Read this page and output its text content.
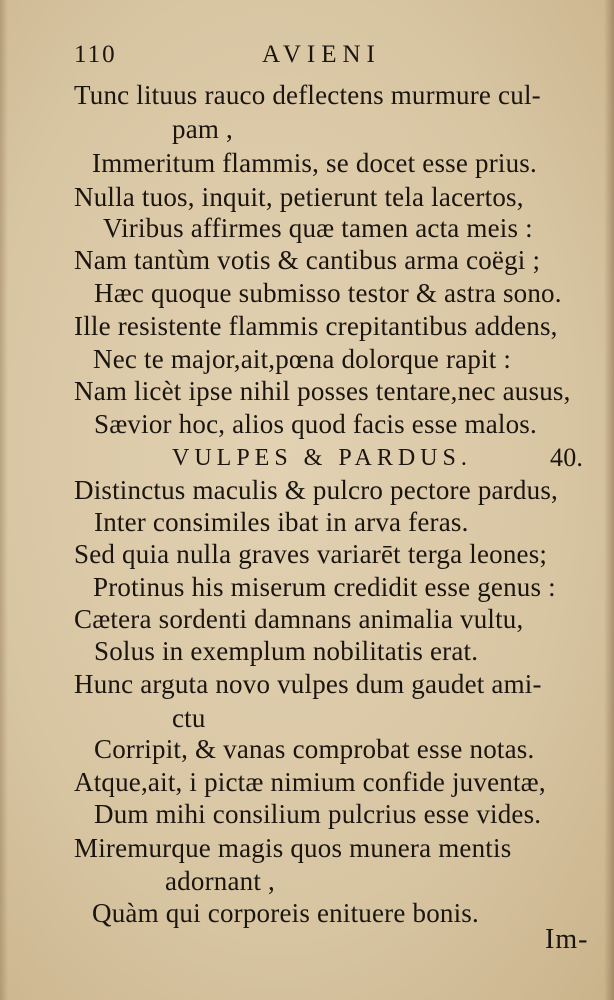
110	AVIENI
Tunc lituus rauco deflectens murmure cul-
pam ,
Immeritum flammis, se docet esse prius.
Nulla tuos, inquit, petierunt tela lacertos,
Viribus affirmes quæ tamen acta meis :
Nam tantùm votis & cantibus arma coëgi ;
Hæc quoque submisso testor & astra sono.
Ille resistente flammis crepitantibus addens,
Nec te major,ait,pœna dolorque rapit :
Nam licèt ipse nihil posses tentare,nec ausus,
Sævior hoc, alios quod facis esse malos.
VULPES & PARDUS.	40.
Distinctus maculis & pulcro pectore pardus,
Inter consimiles ibat in arva feras.
Sed quia nulla graves variarēt terga leones;
Protinus his miserum credidit esse genus :
Cætera sordenti damnans animalia vultu,
Solus in exemplum nobilitatis erat.
Hunc arguta novo vulpes dum gaudet ami-
ctu
Corripit, & vanas comprobat esse notas.
Atque,ait, i pictæ nimium confide juventæ,
Dum mihi consilium pulcrius esse vides.
Miremurque magis quos munera mentis
adornant ,
Quàm qui corporeis enituere bonis.
Im-
